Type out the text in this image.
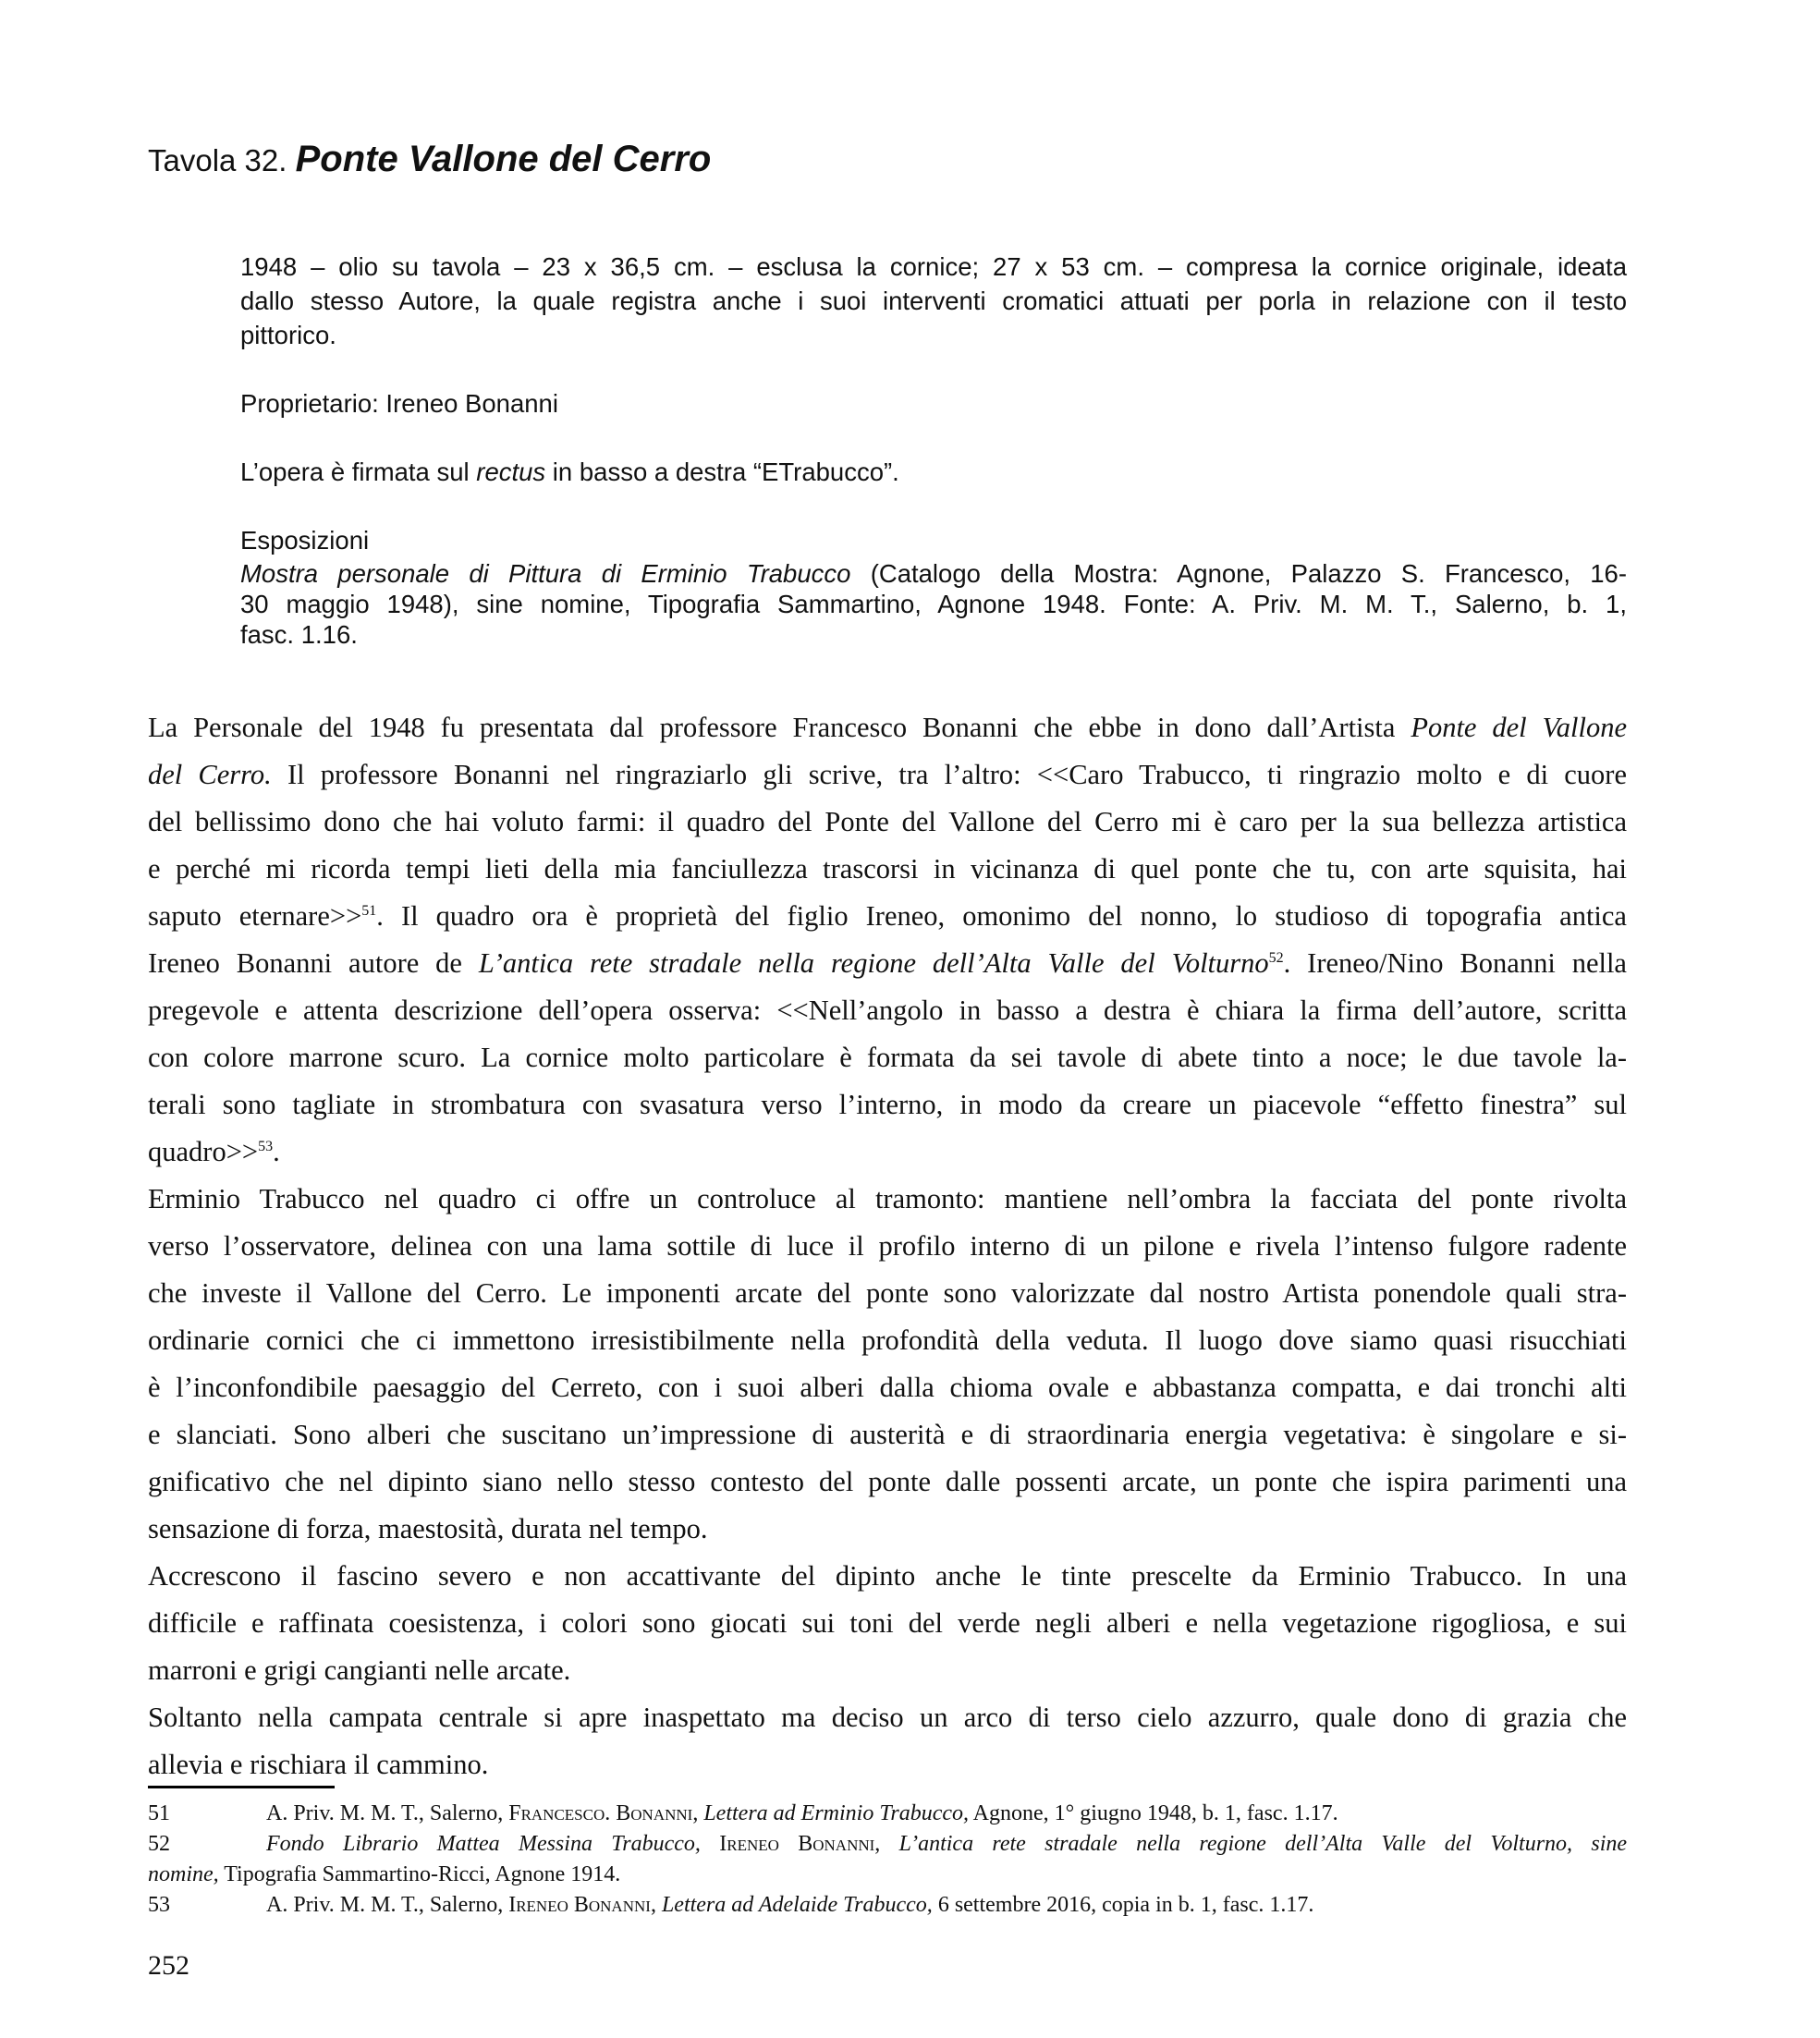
Tavola 32. Ponte Vallone del Cerro
1948 – olio su tavola – 23 x 36,5 cm. – esclusa la cornice; 27 x 53 cm. – compresa la cornice originale, ideata
dallo stesso Autore, la quale registra anche i suoi interventi cromatici attuati per porla in relazione con il testo
pittorico.
Proprietario: Ireneo Bonanni
L’opera è firmata sul rectus in basso a destra “ETrabucco”.
Esposizioni
Mostra personale di Pittura di Erminio Trabucco (Catalogo della Mostra: Agnone, Palazzo S. Francesco, 16-
30 maggio 1948), sine nomine, Tipografia Sammartino, Agnone 1948. Fonte: A. Priv. M. M. T., Salerno, b. 1,
fasc. 1.16.
La Personale del 1948 fu presentata dal professore Francesco Bonanni che ebbe in dono dall’Artista Ponte del Vallone
del Cerro. Il professore Bonanni nel ringraziarlo gli scrive, tra l’altro: <<Caro Trabucco, ti ringrazio molto e di cuore
del bellissimo dono che hai voluto farmi: il quadro del Ponte del Vallone del Cerro mi è caro per la sua bellezza artistica
e perché mi ricorda tempi lieti della mia fanciullezza trascorsi in vicinanza di quel ponte che tu, con arte squisita, hai
saputo eternare>>$^{51}$. Il quadro ora è proprietà del figlio Ireneo, omonimo del nonno, lo studioso di topografia antica
Ireneo Bonanni autore de L’antica rete stradale nella regione dell’Alta Valle del Volturno$^{52}$. Ireneo/Nino Bonanni nella
pregevole e attenta descrizione dell’opera osserva: <<Nell’angolo in basso a destra è chiara la firma dell’autore, scritta
con colore marrone scuro. La cornice molto particolare è formata da sei tavole di abete tinto a noce; le due tavole la-
terali sono tagliate in strombatura con svasatura verso l’interno, in modo da creare un piacevole “effetto finestra” sul
quadro>>$^{53}$.
Erminio Trabucco nel quadro ci offre un controluce al tramonto: mantiene nell’ombra la facciata del ponte rivolta
verso l’osservatore, delinea con una lama sottile di luce il profilo interno di un pilone e rivela l’intenso fulgore radente
che investe il Vallone del Cerro. Le imponenti arcate del ponte sono valorizzate dal nostro Artista ponendole quali stra-
ordinarie cornici che ci immettono irresistibilmente nella profondità della veduta. Il luogo dove siamo quasi risucchiati
è l’inconfondibile paesaggio del Cerreto, con i suoi alberi dalla chioma ovale e abbastanza compatta, e dai tronchi alti
e slanciati. Sono alberi che suscitano un’impressione di austerità e di straordinaria energia vegetativa: è singolare e si-
gnificativo che nel dipinto siano nello stesso contesto del ponte dalle possenti arcate, un ponte che ispira parimenti una
sensazione di forza, maestosità, durata nel tempo.
Accrescono il fascino severo e non accattivante del dipinto anche le tinte prescelte da Erminio Trabucco. In una
difficile e raffinata coesistenza, i colori sono giocati sui toni del verde negli alberi e nella vegetazione rigogliosa, e sui
marroni e grigi cangianti nelle arcate.
Soltanto nella campata centrale si apre inaspettato ma deciso un arco di terso cielo azzurro, quale dono di grazia che
allevia e rischiara il cammino.
51	A. Priv. M. M. T., Salerno, Francesco. Bonanni, Lettera ad Erminio Trabucco, Agnone, 1° giugno 1948, b. 1, fasc. 1.17.
52	Fondo Librario Mattea Messina Trabucco, Ireneo Bonanni, L’antica rete stradale nella regione dell’Alta Valle del Volturno, sine
nomine, Tipografia Sammartino-Ricci, Agnone 1914.
53	A. Priv. M. M. T., Salerno, Ireneo Bonanni, Lettera ad Adelaide Trabucco, 6 settembre 2016, copia in b. 1, fasc. 1.17.
252
